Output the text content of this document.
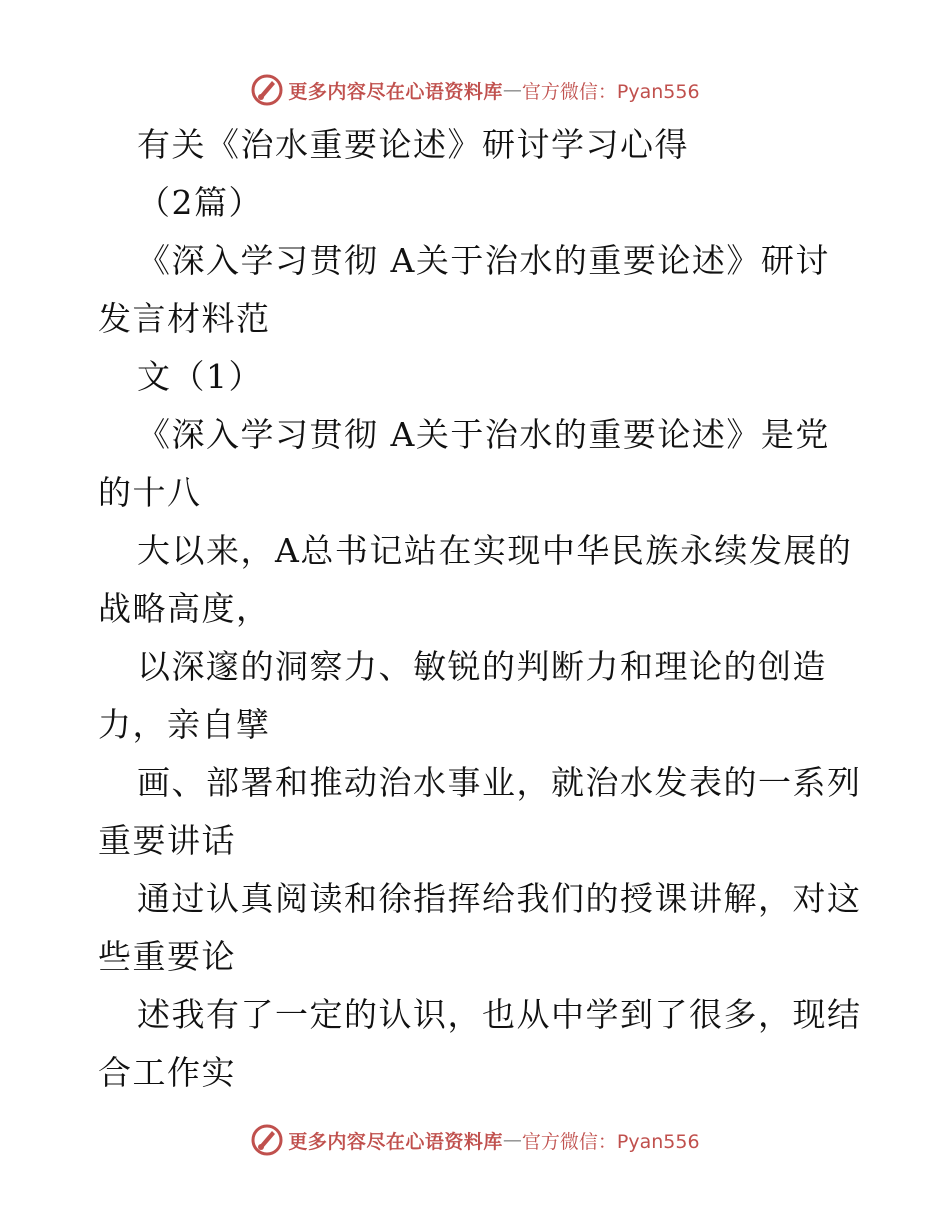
更多内容尽在心语资料库 — 官方微信：Pyan556
有关《治水重要论述》研讨学习心得
（2篇）
《深入学习贯彻 A关于治水的重要论述》研讨
发言材料范
文（1）
《深入学习贯彻 A关于治水的重要论述》是党
的十八
大以来，A总书记站在实现中华民族永续发展的
战略高度，
以深邃的洞察力、敏锐的判断力和理论的创造
力，亲自擘
画、部署和推动治水事业，就治水发表的一系列
重要讲话
通过认真阅读和徐指挥给我们的授课讲解，对这
些重要论
述我有了一定的认识，也从中学到了很多，现结
合工作实
更多内容尽在心语资料库 — 官方微信：Pyan556
